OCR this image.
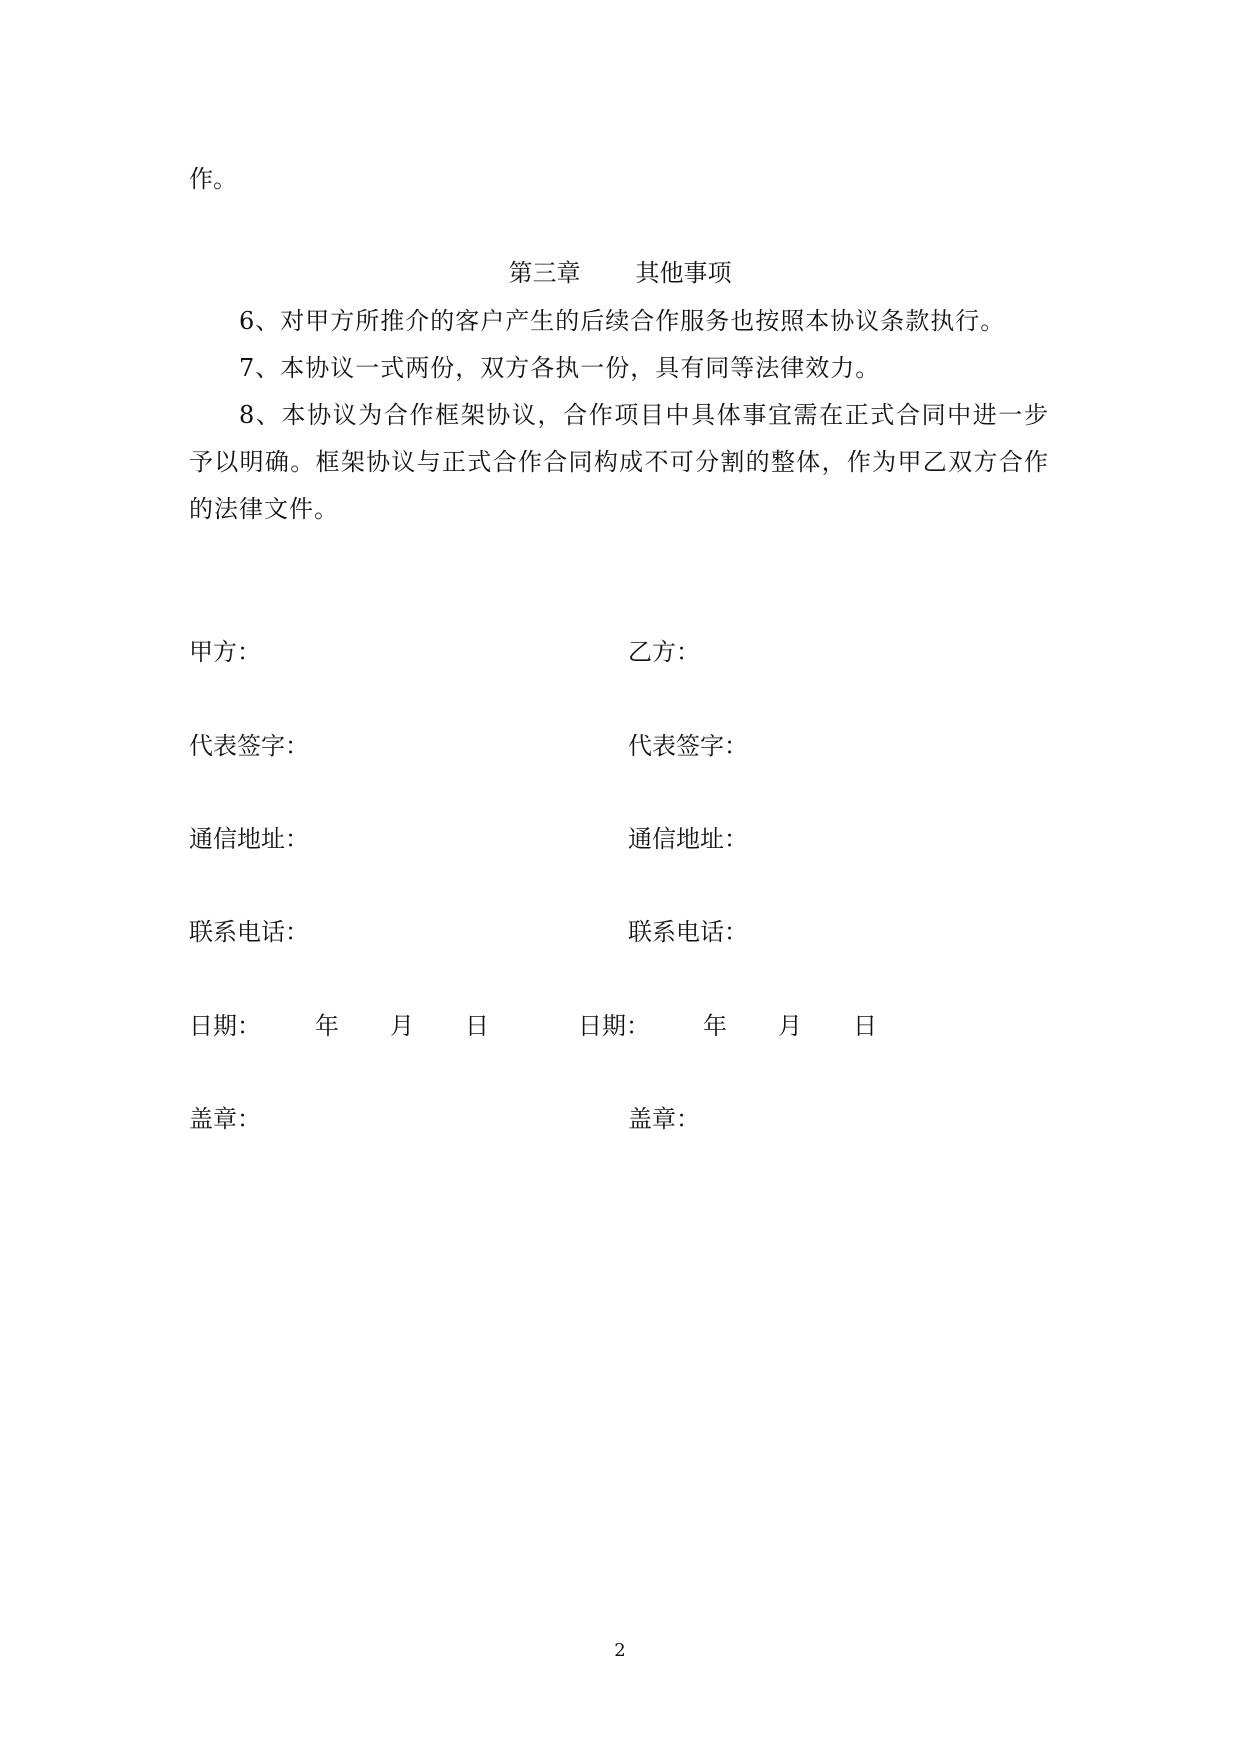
作。
第三章 其他事项
6、对甲方所推介的客户产生的后续合作服务也按照本协议条款执行。
7、本协议一式两份，双方各执一份，具有同等法律效力。
8、本协议为合作框架协议，合作项目中具体事宜需在正式合同中进一步予以明确。框架协议与正式合作合同构成不可分割的整体，作为甲乙双方合作的法律文件。
甲方：
代表签字：
通信地址：
联系电话：
日期： 年 月 日
盖章：
乙方：
代表签字：
通信地址：
联系电话：
日期： 年 月 日
盖章：
2
